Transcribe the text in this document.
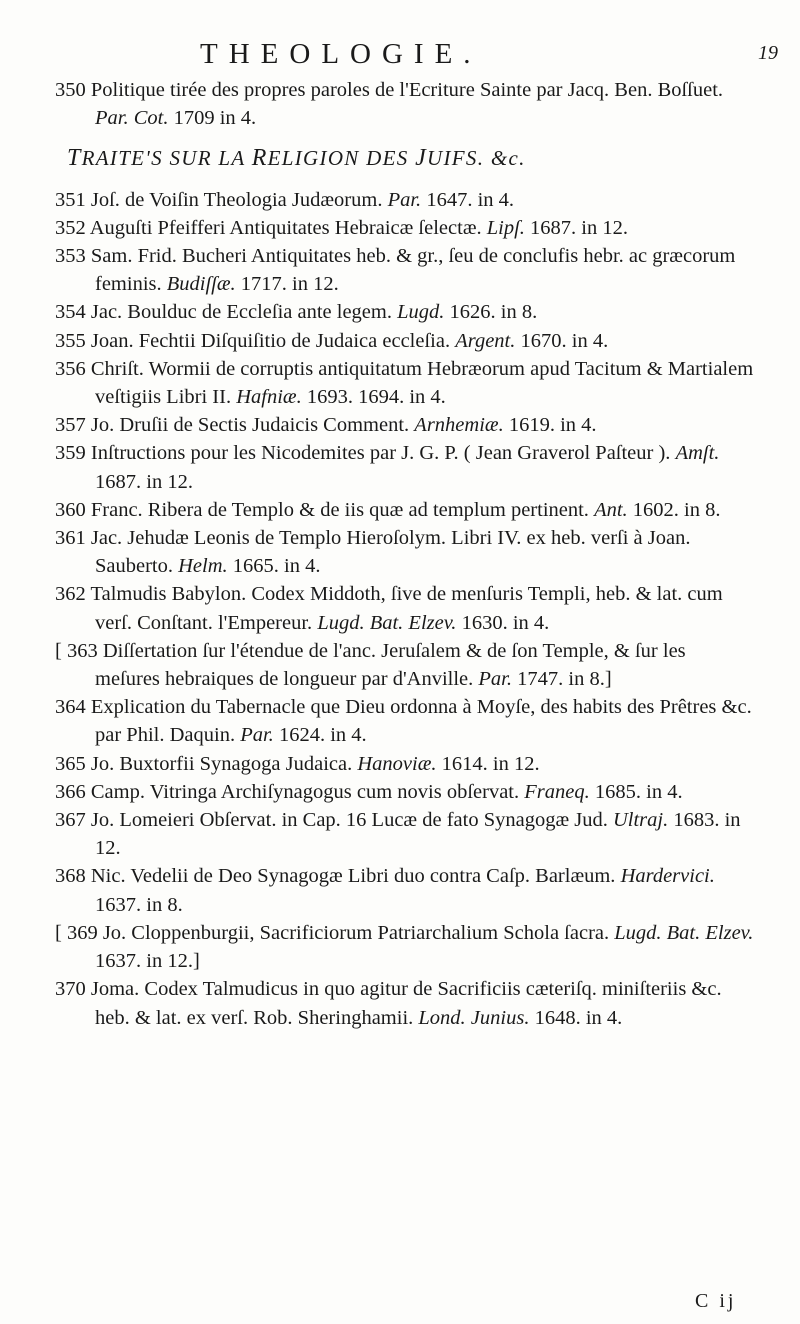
THEOLOGIE.	19
350 Politique tirée des propres paroles de l'Ecriture Sainte par Jacq. Ben. Boſſuet. Par. Cot. 1709 in 4.
TRAITE'S SUR LA RELIGION DES JUIFS. &c.
351 Joſ. de Voiſin Theologia Judæorum. Par. 1647. in 4.
352 Auguſti Pfeifferi Antiquitates Hebraicæ ſelectæ. Lipſ. 1687. in 12.
353 Sam. Frid. Bucheri Antiquitates heb. & gr., ſeu de conclufis hebr. ac græcorum feminis. Budiſſæ. 1717. in 12.
354 Jac. Boulduc de Eccleſia ante legem. Lugd. 1626. in 8.
355 Joan. Fechtii Diſquiſitio de Judaica eccleſia. Argent. 1670. in 4.
356 Chriſt. Wormii de corruptis antiquitatum Hebræorum apud Tacitum & Martialem veſtigiis Libri II. Hafniæ. 1693. 1694. in 4.
357 Jo. Druſii de Sectis Judaicis Comment. Arnhemiæ. 1619. in 4.
359 Inſtructions pour les Nicodemites par J. G. P. ( Jean Graverol Paſteur ). Amſt. 1687. in 12.
360 Franc. Ribera de Templo & de iis quæ ad templum pertinent. Ant. 1602. in 8.
361 Jac. Jehudæ Leonis de Templo Hieroſolym. Libri IV. ex heb. verſi à Joan. Sauberto. Helm. 1665. in 4.
362 Talmudis Babylon. Codex Middoth, ſive de menſuris Templi, heb. & lat. cum verſ. Conſtant. l'Empereur. Lugd. Bat. Elzev. 1630. in 4.
[ 363 Diſſertation ſur l'étendue de l'anc. Jeruſalem & de ſon Temple, & ſur les meſures hebraiques de longueur par d'Anville. Par. 1747. in 8.]
364 Explication du Tabernacle que Dieu ordonna à Moyſe, des habits des Prêtres &c. par Phil. Daquin. Par. 1624. in 4.
365 Jo. Buxtorfii Synagoga Judaica. Hanoviæ. 1614. in 12.
366 Camp. Vitringa Archiſynagogus cum novis obſervat. Franeq. 1685. in 4.
367 Jo. Lomeieri Obſervat. in Cap. 16 Lucæ de fato Synagogæ Jud. Ultraj. 1683. in 12.
368 Nic. Vedelii de Deo Synagogæ Libri duo contra Caſp. Barlæum. Hardervici. 1637. in 8.
[ 369 Jo. Cloppenburgii, Sacrificiorum Patriarchalium Schola ſacra. Lugd. Bat. Elzev. 1637. in 12.]
370 Joma. Codex Talmudicus in quo agitur de Sacrificiis cæteriſq. miniſteriis &c. heb. & lat. ex verſ. Rob. Sheringhamii. Lond. Junius. 1648. in 4.
C ij
